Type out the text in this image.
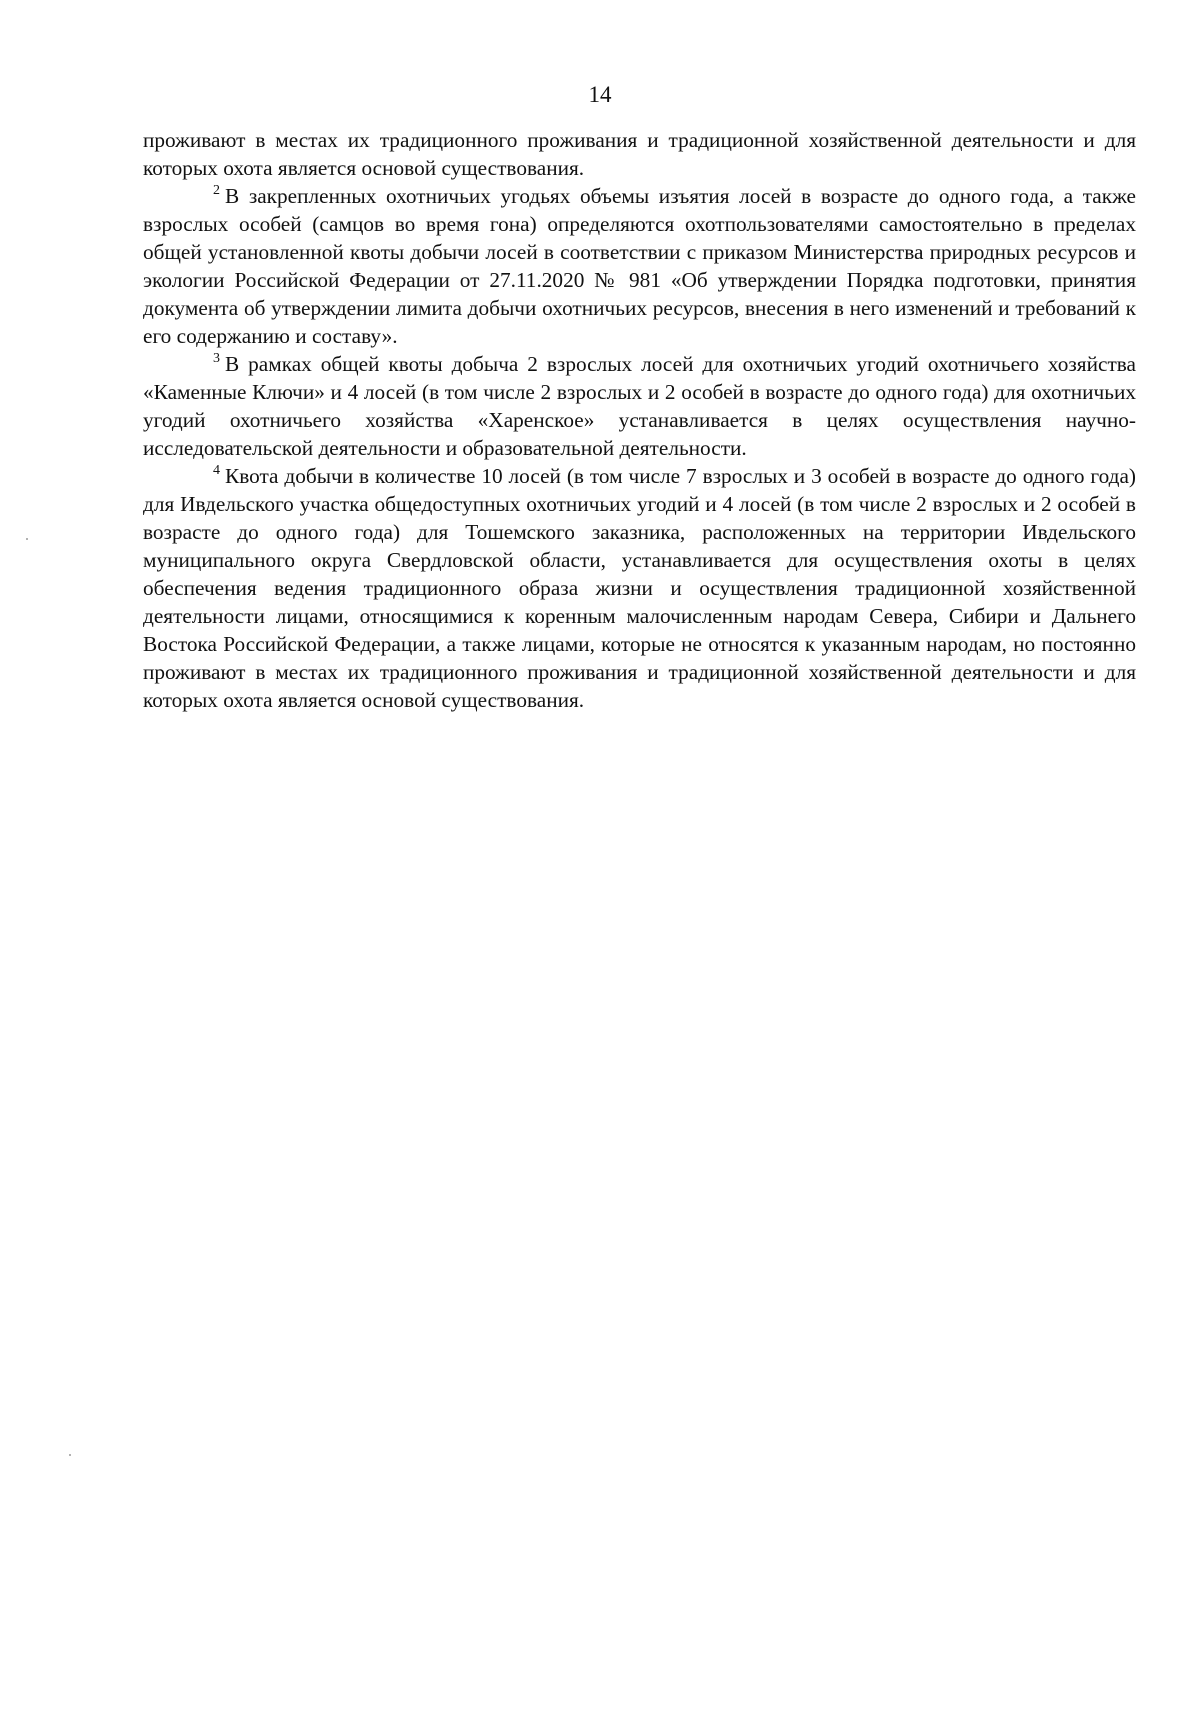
14

проживают в местах их традиционного проживания и традиционной хозяйственной деятельности и для которых охота является основой существования.

$^2$ В закрепленных охотничьих угодьях объемы изъятия лосей в возрасте до одного года, а также взрослых особей (самцов во время гона) определяются охотпользователями самостоятельно в пределах общей установленной квоты добычи лосей в соответствии с приказом Министерства природных ресурсов и экологии Российской Федерации от 27.11.2020 № 981 «Об утверждении Порядка подготовки, принятия документа об утверждении лимита добычи охотничьих ресурсов, внесения в него изменений и требований к его содержанию и составу».

$^3$ В рамках общей квоты добыча 2 взрослых лосей для охотничьих угодий охотничьего хозяйства «Каменные Ключи» и 4 лосей (в том числе 2 взрослых и 2 особей в возрасте до одного года) для охотничьих угодий охотничьего хозяйства «Харенское» устанавливается в целях осуществления научно-исследовательской деятельности и образовательной деятельности.

$^4$ Квота добычи в количестве 10 лосей (в том числе 7 взрослых и 3 особей в возрасте до одного года) для Ивдельского участка общедоступных охотничьих угодий и 4 лосей (в том числе 2 взрослых и 2 особей в возрасте до одного года) для Тошемского заказника, расположенных на территории Ивдельского муниципального округа Свердловской области, устанавливается для осуществления охоты в целях обеспечения ведения традиционного образа жизни и осуществления традиционной хозяйственной деятельности лицами, относящимися к коренным малочисленным народам Севера, Сибири и Дальнего Востока Российской Федерации, а также лицами, которые не относятся к указанным народам, но постоянно проживают в местах их традиционного проживания и традиционной хозяйственной деятельности и для которых охота является основой существования.
